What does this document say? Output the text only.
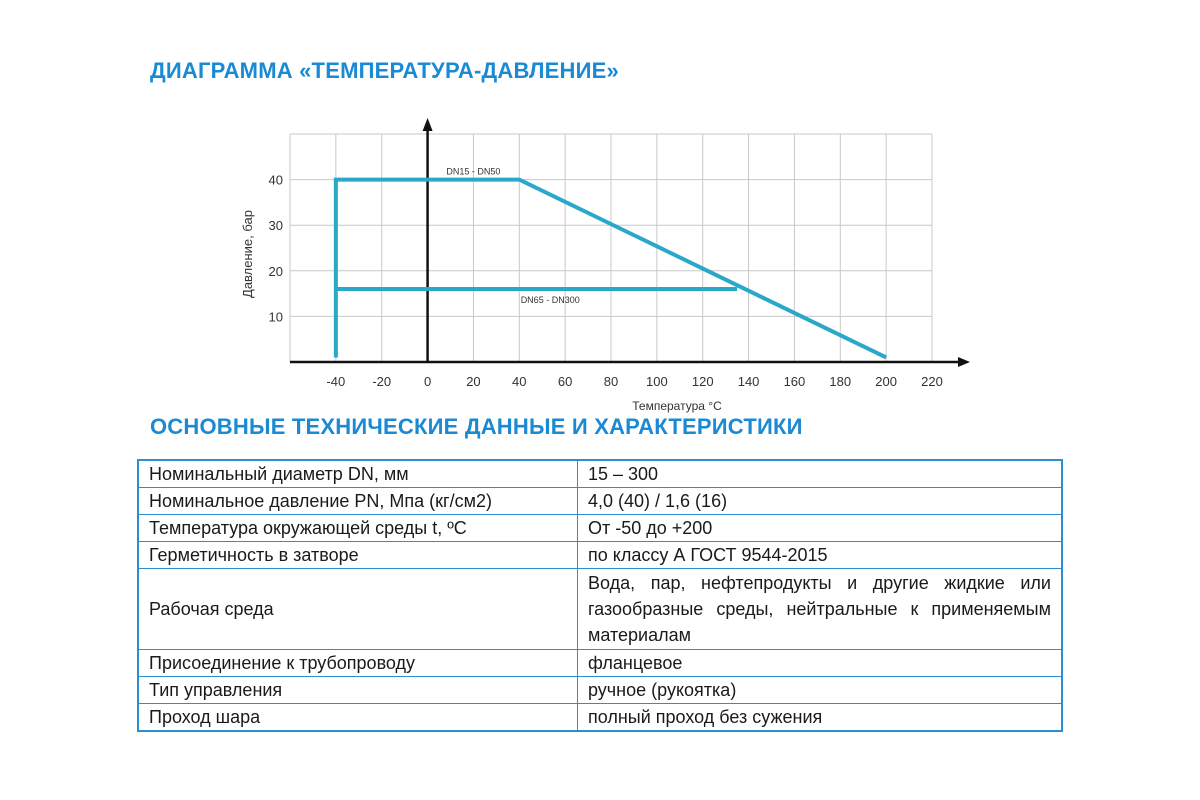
ДИАГРАММА «ТЕМПЕРАТУРА-ДАВЛЕНИЕ»
-40 -20	0	20 40 60 80 100 120 140 160 180 200 220
10
20
30
40
DN15 - DN50
DN65 - DN300
Температура °С
Давление, бар
ОСНОВНЫЕ ТЕХНИЧЕСКИЕ ДАННЫЕ И ХАРАКТЕРИСТИКИ
Номинальный диаметр DN, мм	15 – 300
Номинальное давление PN, Мпа (кг/см2)	4,0 (40) / 1,6 (16)
Температура окружающей среды t, ºС	От -50 до +200
Герметичность в затворе	по классу А ГОСТ 9544-2015
Рабочая среда	Вода, пар, нефтепродукты и другие жидкие или газообразные среды, нейтральные к применяемым материалам
Присоединение к трубопроводу	фланцевое
Тип управления	ручное (рукоятка)
Проход шара	полный проход без сужения
